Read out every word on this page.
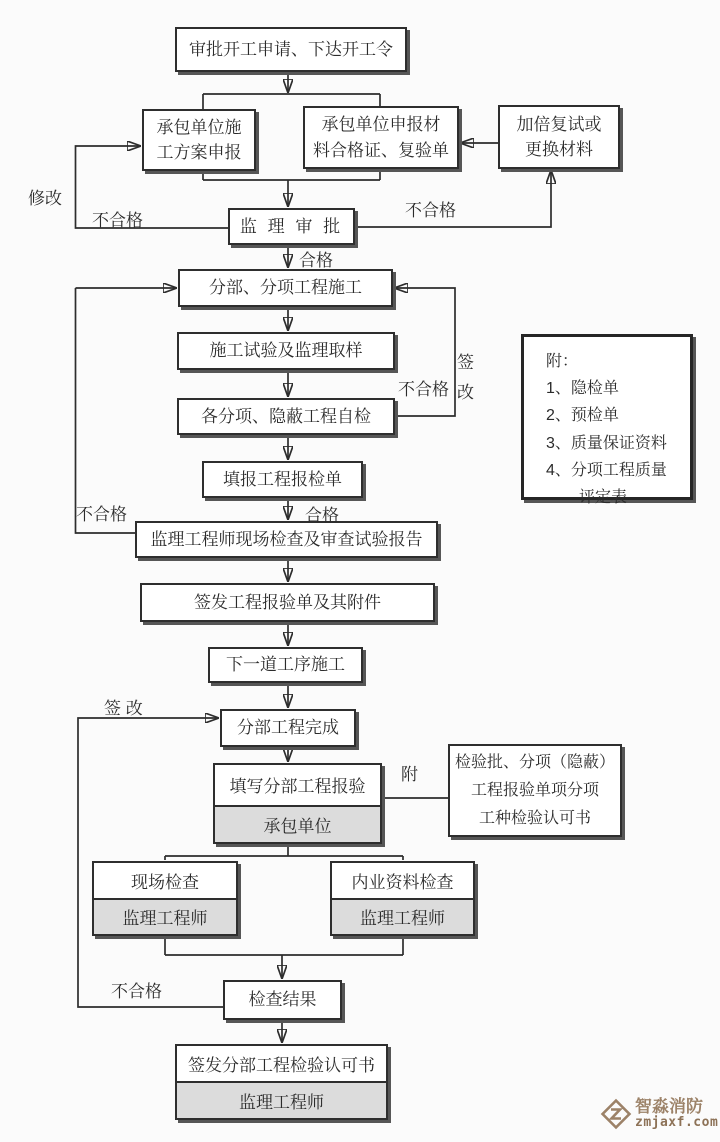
审批开工申请、下达开工令
承包单位施
工方案申报
承包单位申报材
料合格证、复验单
加倍复试或
更换材料
监 理 审 批
分部、分项工程施工
施工试验及监理取样
各分项、隐蔽工程自检
填报工程报检单
监理工程师现场检查及审查试验报告
签发工程报验单及其附件
下一道工序施工
分部工程完成
填写分部工程报验
承包单位
检验批、分项（隐蔽）
工程报验单项分项
工种检验认可书
现场检查
监理工程师
内业资料检查
监理工程师
检查结果
签发分部工程检验认可书
监理工程师
附：
1、隐检单
2、预检单
3、质量保证资料
4、分项工程质量
评定表
修改
不合格
不合格
合格
不合格
签
改
不合格	合格
签 改
附
不合格
智淼消防
zmjaxf.com
